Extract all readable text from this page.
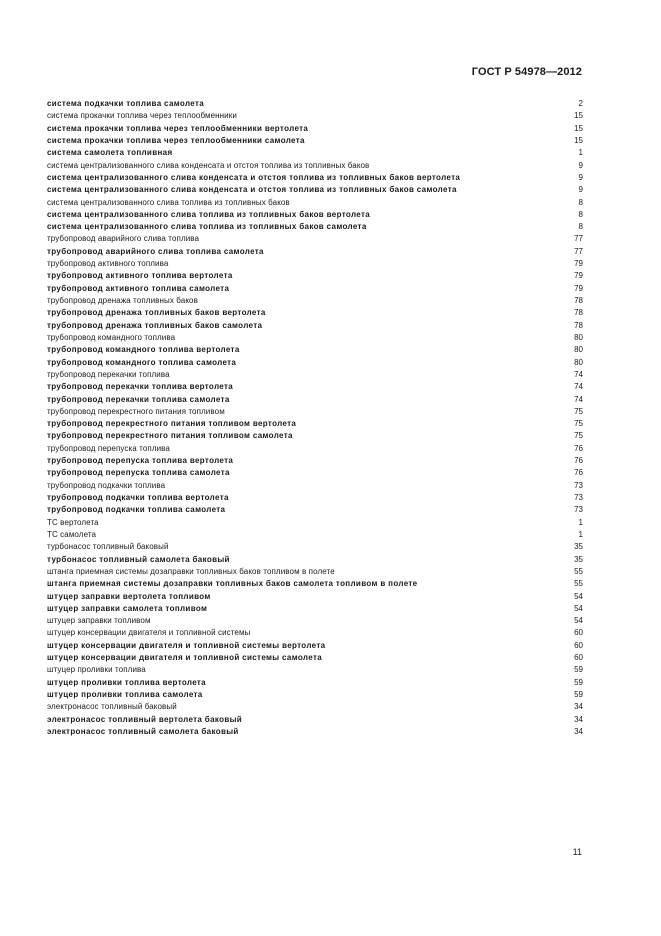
ГОСТ Р 54978—2012
система подкачки топлива самолета	2
система прокачки топлива через теплообменники	15
система прокачки топлива через теплообменники вертолета	15
система прокачки топлива через теплообменники самолета	15
система самолета топливная	1
система централизованного слива конденсата и отстоя топлива из топливных баков	9
система централизованного слива конденсата и отстоя топлива из топливных баков вертолета	9
система централизованного слива конденсата и отстоя топлива из топливных баков самолета	9
система централизованного слива топлива из топливных баков	8
система централизованного слива топлива из топливных баков вертолета	8
система централизованного слива топлива из топливных баков самолета	8
трубопровод аварийного слива топлива	77
трубопровод аварийного слива топлива самолета	77
трубопровод активного топлива	79
трубопровод активного топлива вертолета	79
трубопровод активного топлива самолета	79
трубопровод дренажа топливных баков	78
трубопровод дренажа топливных баков вертолета	78
трубопровод дренажа топливных баков самолета	78
трубопровод командного топлива	80
трубопровод командного топлива вертолета	80
трубопровод командного топлива самолета	80
трубопровод перекачки топлива	74
трубопровод перекачки топлива вертолета	74
трубопровод перекачки топлива самолета	74
трубопровод перекрестного питания топливом	75
трубопровод перекрестного питания топливом вертолета	75
трубопровод перекрестного питания топливом самолета	75
трубопровод перепуска топлива	76
трубопровод перепуска топлива вертолета	76
трубопровод перепуска топлива самолета	76
трубопровод подкачки топлива	73
трубопровод подкачки топлива вертолета	73
трубопровод подкачки топлива самолета	73
ТС вертолета	1
ТС самолета	1
турбонасос топливный баковый	35
турбонасос топливный самолета баковый	35
штанга приемная системы дозаправки топливных баков топливом в полете	55
штанга приемная системы дозаправки топливных баков самолета топливом в полете	55
штуцер заправки вертолета топливом	54
штуцер заправки самолета топливом	54
штуцер заправки топливом	54
штуцер консервации двигателя и топливной системы	60
штуцер консервации двигателя и топливной системы вертолета	60
штуцер консервации двигателя и топливной системы самолета	60
штуцер проливки топлива	59
штуцер проливки топлива вертолета	59
штуцер проливки топлива самолета	59
электронасос топливный баковый	34
электронасос топливный вертолета баковый	34
электронасос топливный самолета баковый	34
11
